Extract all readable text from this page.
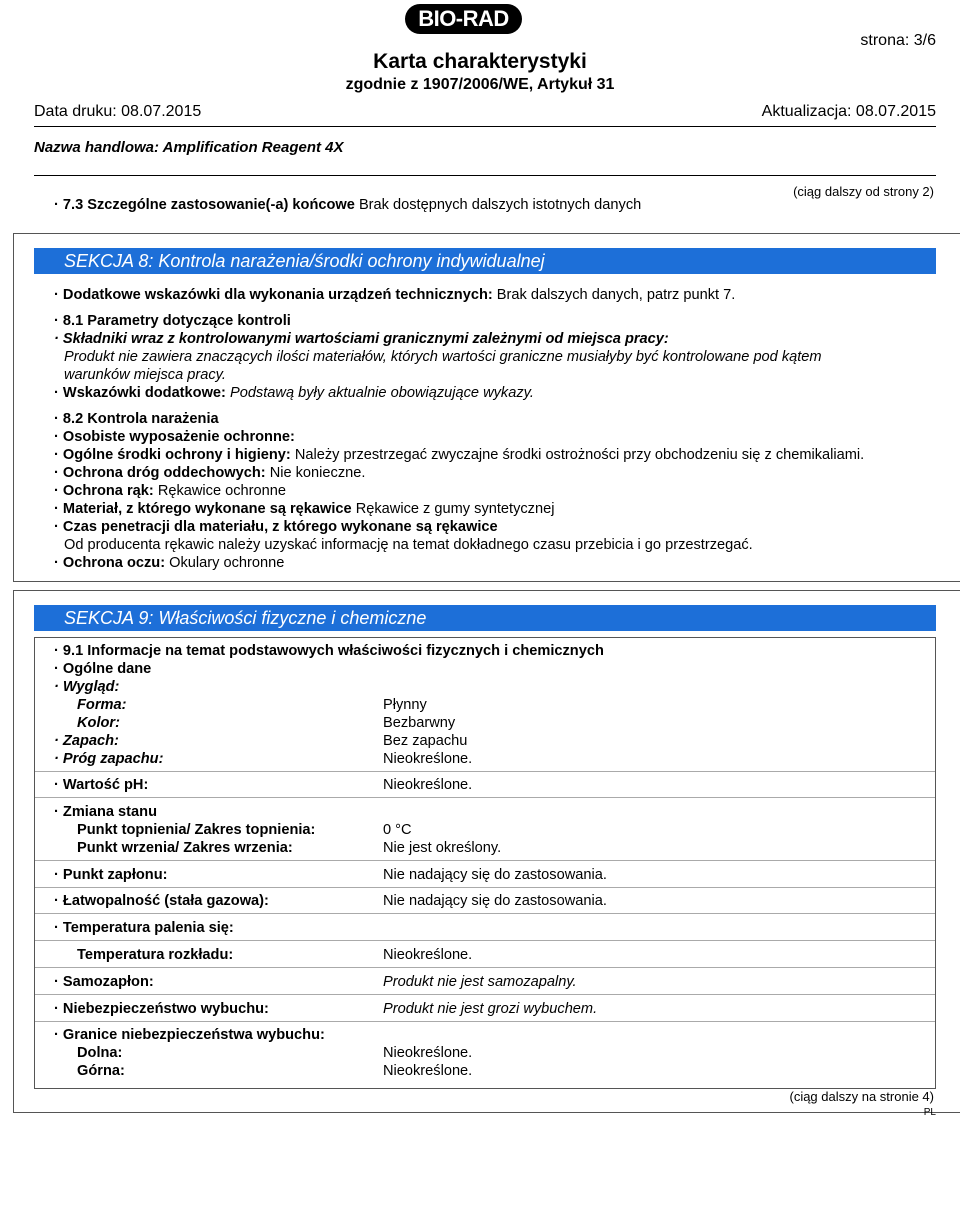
BIO-RAD
strona: 3/6
Karta charakterystyki
zgodnie z 1907/2006/WE, Artykuł 31
Data druku: 08.07.2015	Aktualizacja: 08.07.2015
Nazwa handlowa: Amplification Reagent 4X
· 7.3 Szczególne zastosowanie(-a) końcowe Brak dostępnych dalszych istotnych danych
(ciąg dalszy od strony 2)
SEKCJA 8: Kontrola narażenia/środki ochrony indywidualnej
· Dodatkowe wskazówki dla wykonania urządzeń technicznych: Brak dalszych danych, patrz punkt 7.
· 8.1 Parametry dotyczące kontroli
· Składniki wraz z kontrolowanymi wartościami granicznymi zależnymi od miejsca pracy:
Produkt nie zawiera znaczących ilości materiałów, których wartości graniczne musiałyby być kontrolowane pod kątem
warunków miejsca pracy.
· Wskazówki dodatkowe: Podstawą były aktualnie obowiązujące wykazy.
· 8.2 Kontrola narażenia
· Osobiste wyposażenie ochronne:
· Ogólne środki ochrony i higieny: Należy przestrzegać zwyczajne środki ostrożności przy obchodzeniu się z chemikaliami.
· Ochrona dróg oddechowych: Nie konieczne.
· Ochrona rąk: Rękawice ochronne
· Materiał, z którego wykonane są rękawice Rękawice z gumy syntetycznej
· Czas penetracji dla materiału, z którego wykonane są rękawice
Od producenta rękawic należy uzyskać informację na temat dokładnego czasu przebicia i go przestrzegać.
· Ochrona oczu: Okulary ochronne
SEKCJA 9: Właściwości fizyczne i chemiczne
· 9.1 Informacje na temat podstawowych właściwości fizycznych i chemicznych
· Ogólne dane
· Wygląd:
Forma:	Płynny
Kolor:	Bezbarwny
· Zapach:	Bez zapachu
· Próg zapachu:	Nieokreślone.
· Wartość pH:	Nieokreślone.
· Zmiana stanu
Punkt topnienia/ Zakres topnienia:	0 °C
Punkt wrzenia/ Zakres wrzenia:	Nie jest określony.
· Punkt zapłonu:	Nie nadający się do zastosowania.
· Łatwopalność (stała gazowa):	Nie nadający się do zastosowania.
· Temperatura palenia się:
Temperatura rozkładu:	Nieokreślone.
· Samozapłon:	Produkt nie jest samozapalny.
· Niebezpieczeństwo wybuchu:	Produkt nie jest grozi wybuchem.
· Granice niebezpieczeństwa wybuchu:
Dolna:	Nieokreślone.
Górna:	Nieokreślone.
(ciąg dalszy na stronie 4)
PL
